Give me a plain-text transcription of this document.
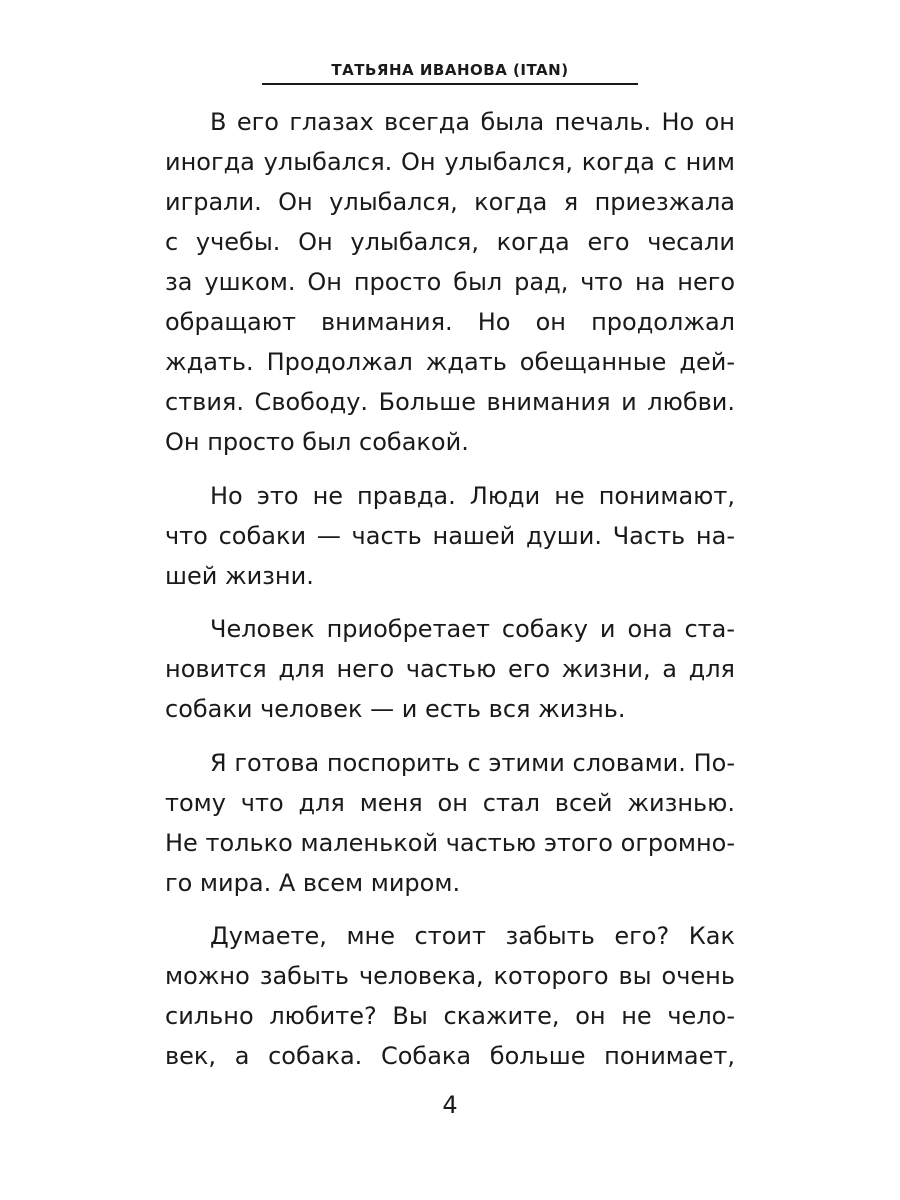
ТАТЬЯНА ИВАНОВА (ITAN)
В его глазах всегда была печаль. Но он
иногда улыбался. Он улыбался, когда с ним
играли. Он улыбался, когда я приезжала
с учебы. Он улыбался, когда его чесали
за ушком. Он просто был рад, что на него
обращают внимания. Но он продолжал
ждать. Продолжал ждать обещанные дей-
ствия. Свободу. Больше внимания и любви.
Он просто был собакой.
Но это не правда. Люди не понимают,
что собаки — часть нашей души. Часть на-
шей жизни.
Человек приобретает собаку и она ста-
новится для него частью его жизни, а для
собаки человек — и есть вся жизнь.
Я готова поспорить с этими словами. По-
тому что для меня он стал всей жизнью.
Не только маленькой частью этого огромно-
го мира. А всем миром.
Думаете, мне стоит забыть его? Как
можно забыть человека, которого вы очень
сильно любите? Вы скажите, он не чело-
век, а собака. Собака больше понимает,
4
